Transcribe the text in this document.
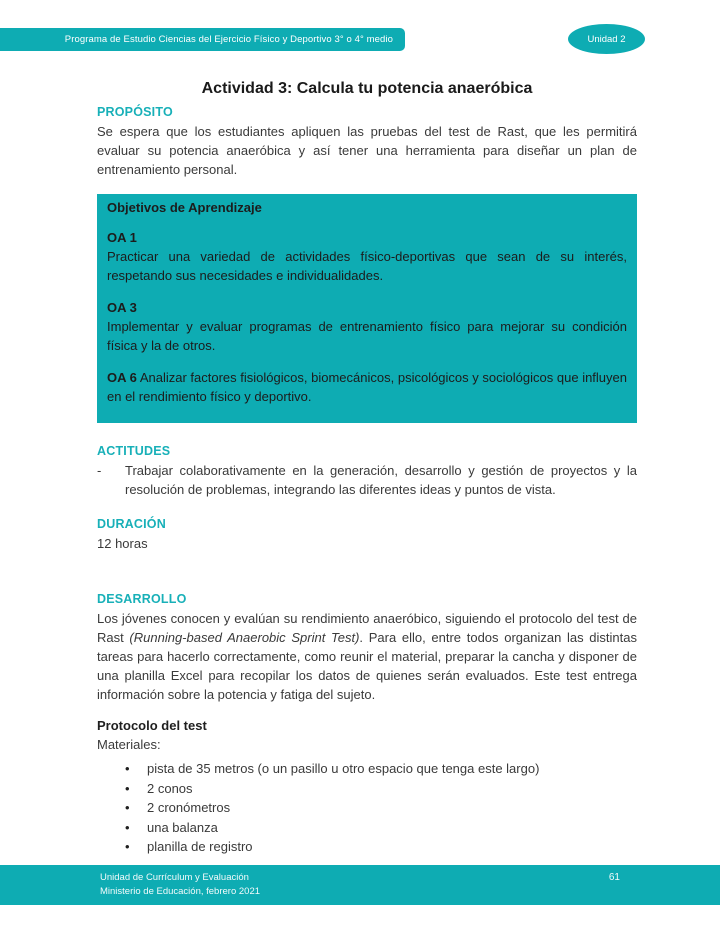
Programa de Estudio Ciencias del Ejercicio Físico y Deportivo 3° o 4° medio	Unidad 2
Actividad 3: Calcula tu potencia anaeróbica

PROPÓSITO

Se espera que los estudiantes apliquen las pruebas del test de Rast, que les permitirá evaluar su potencia anaeróbica y así tener una herramienta para diseñar un plan de entrenamiento personal.

Objetivos de Aprendizaje

OA 1

Practicar una variedad de actividades físico-deportivas que sean de su interés, respetando sus necesidades e individualidades.

OA 3

Implementar y evaluar programas de entrenamiento físico para mejorar su condición física y la de otros.

OA 6 Analizar factores fisiológicos, biomecánicos, psicológicos y sociológicos que influyen en el rendimiento físico y deportivo.

ACTITUDES

- Trabajar colaborativamente en la generación, desarrollo y gestión de proyectos y la resolución de problemas, integrando las diferentes ideas y puntos de vista.

DURACIÓN

12 horas

DESARROLLO

Los jóvenes conocen y evalúan su rendimiento anaeróbico, siguiendo el protocolo del test de Rast (Running-based Anaerobic Sprint Test). Para ello, entre todos organizan las distintas tareas para hacerlo correctamente, como reunir el material, preparar la cancha y disponer de una planilla Excel para recopilar los datos de quienes serán evaluados. Este test entrega información sobre la potencia y fatiga del sujeto.

Protocolo del test

Materiales:

• pista de 35 metros (o un pasillo u otro espacio que tenga este largo)
• 2 conos
• 2 cronómetros
• una balanza
• planilla de registro
Unidad de Currículum y Evaluación
Ministerio de Educación, febrero 2021
61
